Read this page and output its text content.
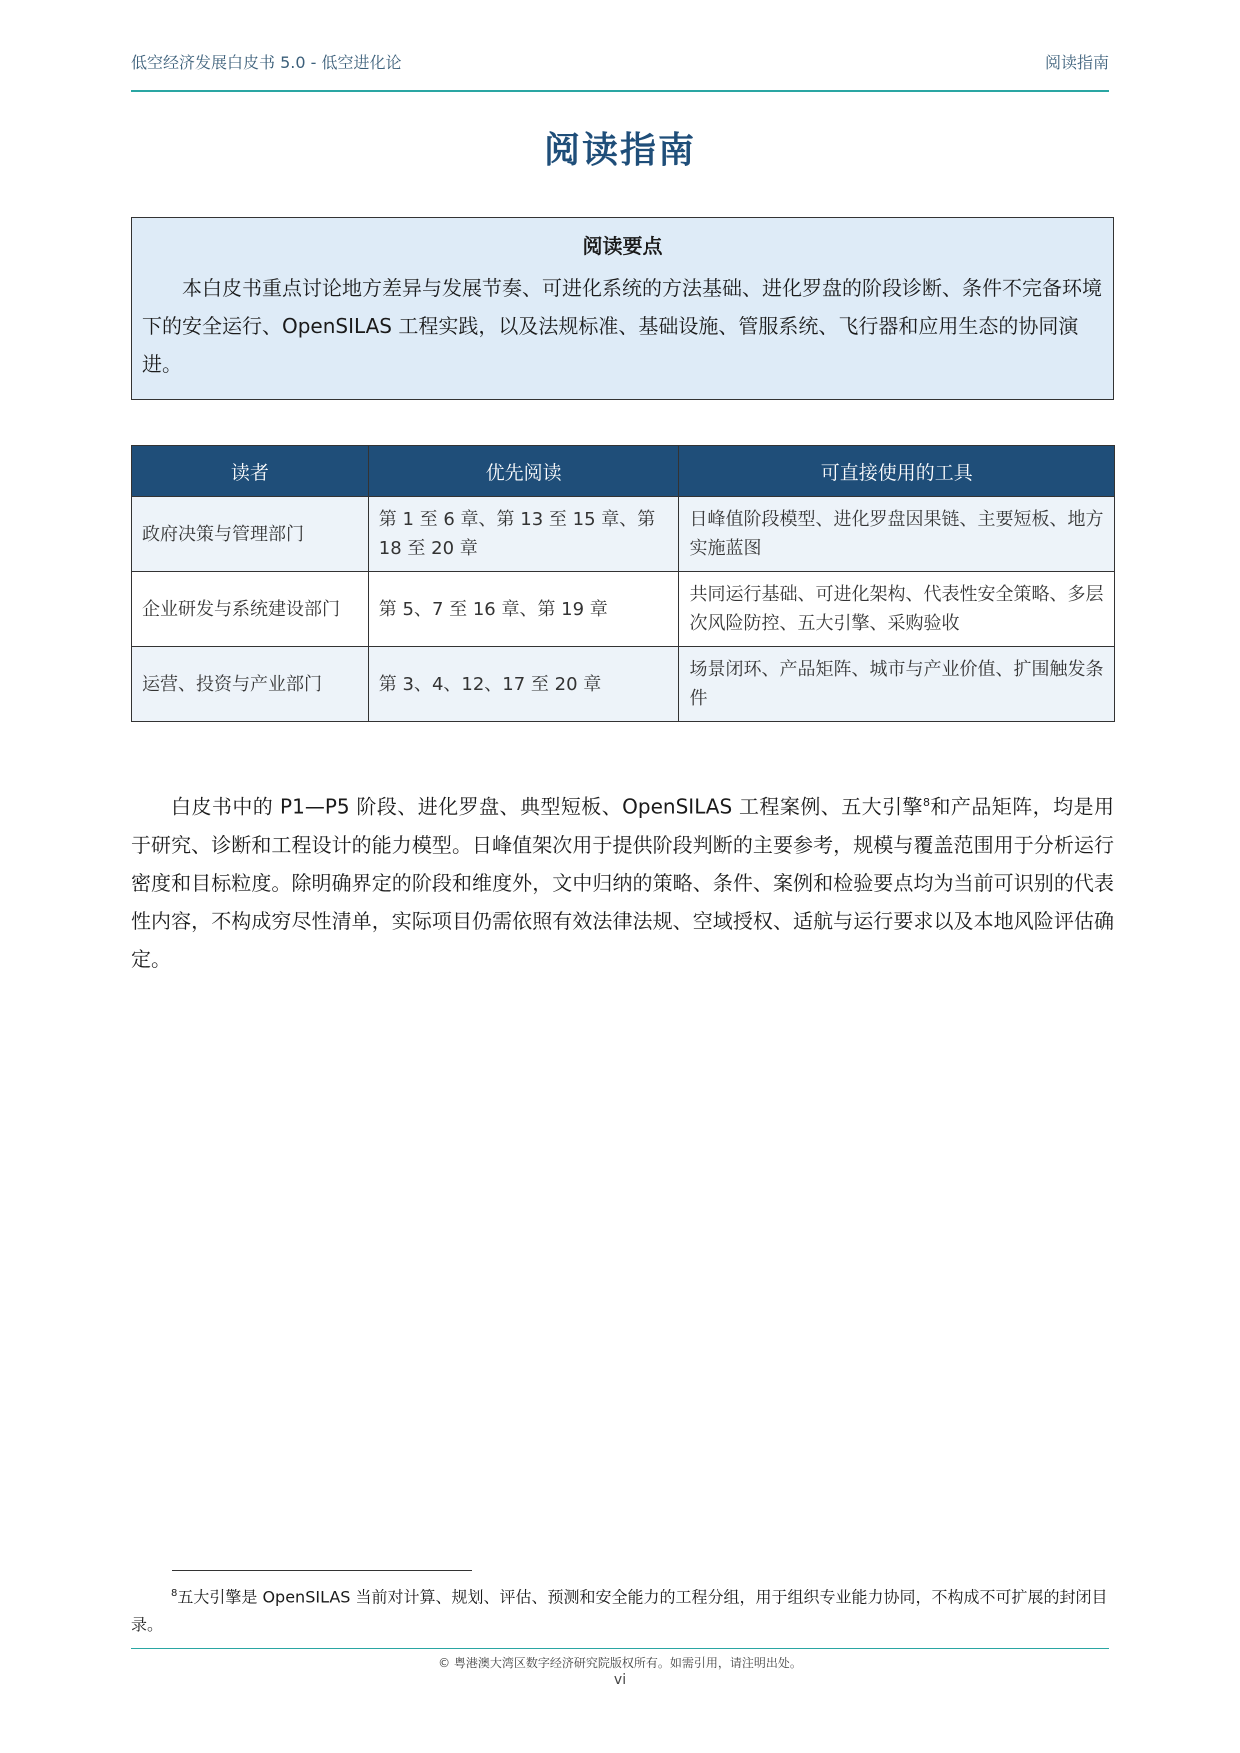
低空经济发展白皮书 5.0 - 低空进化论	阅读指南
阅读指南
阅读要点

本白皮书重点讨论地方差异与发展节奏、可进化系统的方法基础、进化罗盘的阶段诊断、条件不完备环境下的安全运行、OpenSILAS 工程实践，以及法规标准、基础设施、管服系统、飞行器和应用生态的协同演进。

读者	优先阅读	可直接使用的工具
政府决策与管理部门	第 1 至 6 章、第 13 至 15 章、第 18 至 20 章	日峰值阶段模型、进化罗盘因果链、主要短板、地方实施蓝图
企业研发与系统建设部门	第 5、7 至 16 章、第 19 章	共同运行基础、可进化架构、代表性安全策略、多层次风险防控、五大引擎、采购验收
运营、投资与产业部门	第 3、4、12、17 至 20 章	场景闭环、产品矩阵、城市与产业价值、扩围触发条件

白皮书中的 P1—P5 阶段、进化罗盘、典型短板、OpenSILAS 工程案例、五大引擎$^8$和产品矩阵，均是用于研究、诊断和工程设计的能力模型。日峰值架次用于提供阶段判断的主要参考，规模与覆盖范围用于分析运行密度和目标粒度。除明确界定的阶段和维度外，文中归纳的策略、条件、案例和检验要点均为当前可识别的代表性内容，不构成穷尽性清单，实际项目仍需依照有效法律法规、空域授权、适航与运行要求以及本地风险评估确定。

$^8$五大引擎是 OpenSILAS 当前对计算、规划、评估、预测和安全能力的工程分组，用于组织专业能力协同，不构成不可扩展的封闭目录。

© 粤港澳大湾区数字经济研究院版权所有。如需引用，请注明出处。
vi
